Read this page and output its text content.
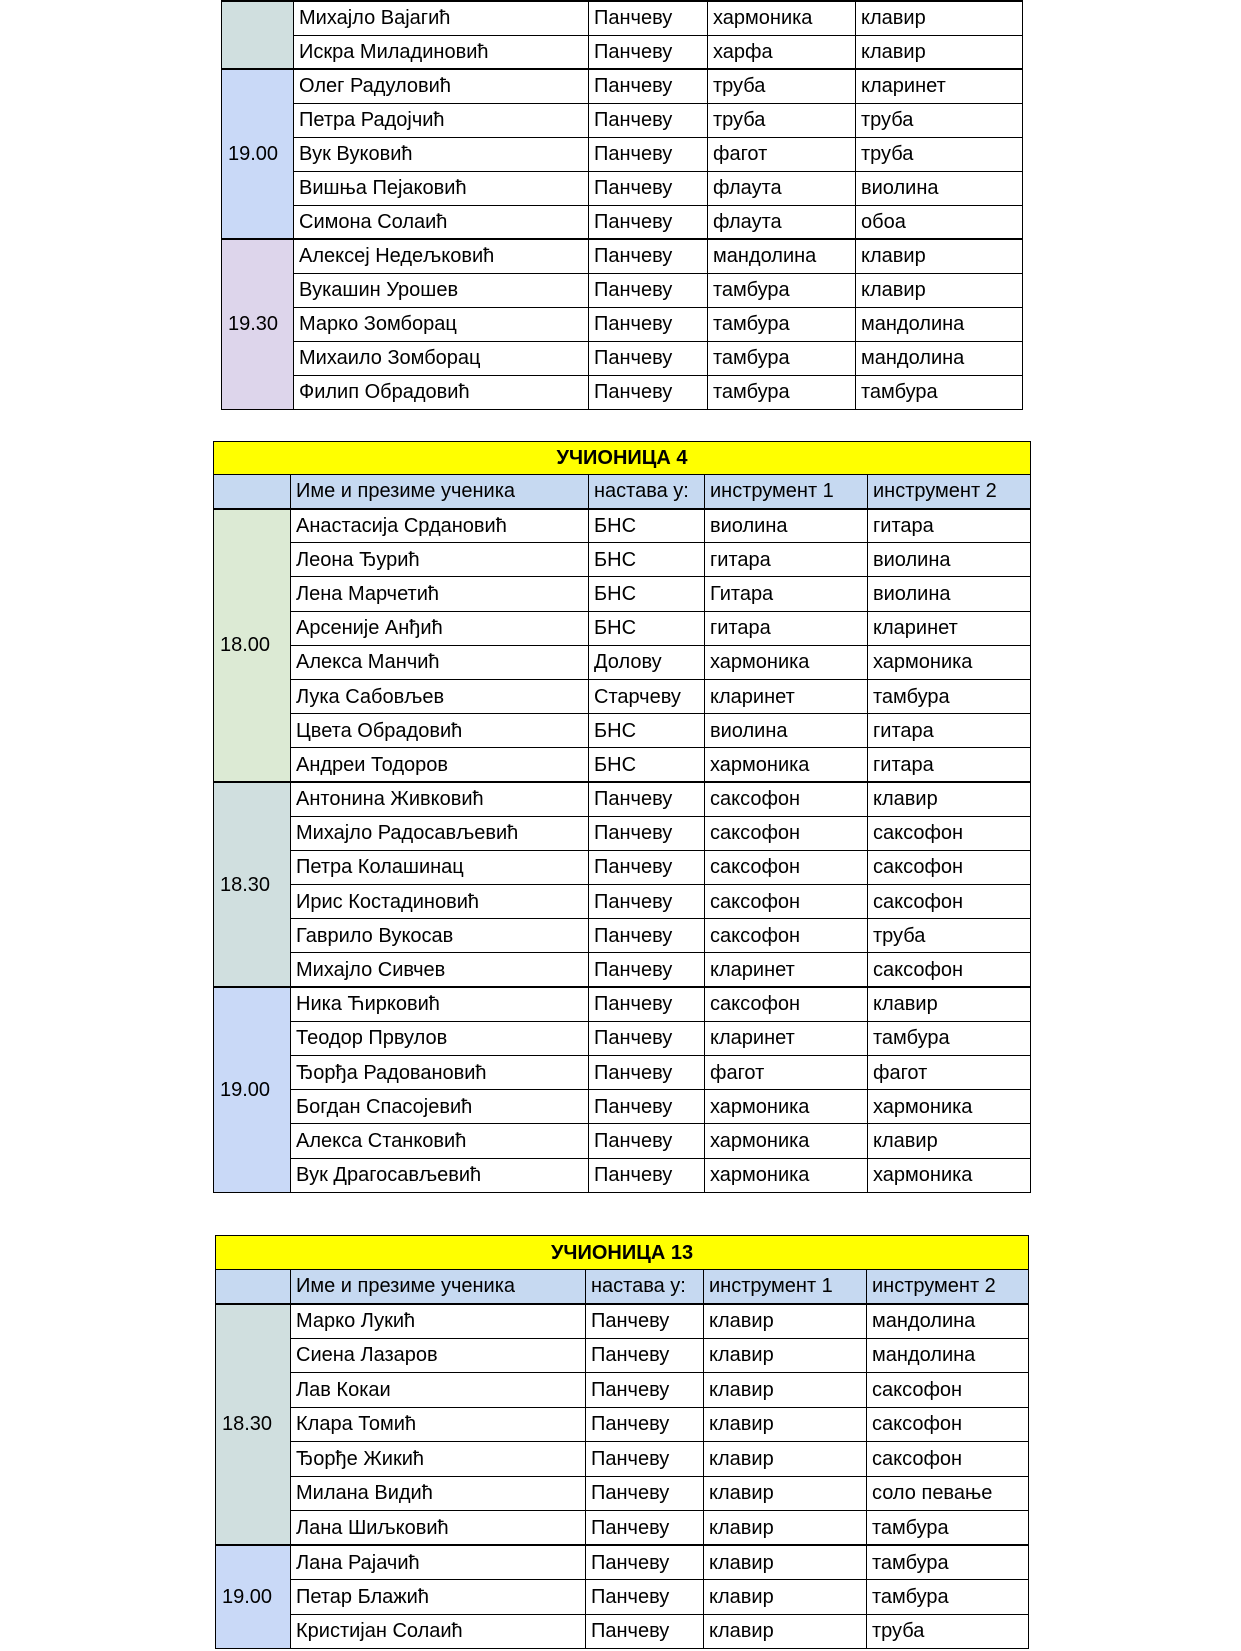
	Михајло Вајагић	Панчеву	хармоника	клавир
	Искра Миладиновић	Панчеву	харфа	клавир
19.00	Олег Радуловић	Панчеву	труба	кларинет
	Петра Радојчић	Панчеву	труба	труба
	Вук Вуковић	Панчеву	фагот	труба
	Вишња Пејаковић	Панчеву	флаута	виолина
	Симона Солаић	Панчеву	флаута	обоа
19.30	Алексеј Недељковић	Панчеву	мандолина	клавир
	Вукашин Урошев	Панчеву	тамбура	клавир
	Марко Зомборац	Панчеву	тамбура	мандолина
	Михаило Зомборац	Панчеву	тамбура	мандолина
	Филип Обрадовић	Панчеву	тамбура	тамбура
УЧИОНИЦА 4				
	Име и презиме ученика	настава у:	инструмент 1	инструмент 2
18.00	Анастасија Срдановић	БНС	виолина	гитара
	Леона Ђурић	БНС	гитара	виолина
	Лена Марчетић	БНС	Гитара	виолина
	Арсеније Анђић	БНС	гитара	кларинет
	Алекса Манчић	Долову	хармоника	хармоника
	Лука Сабовљев	Старчеву	кларинет	тамбура
	Цвета Обрадовић	БНС	виолина	гитара
	Андреи Тодоров	БНС	хармоника	гитара
18.30	Антонина Живковић	Панчеву	саксофон	клавир
	Михајло Радосављевић	Панчеву	саксофон	саксофон
	Петра Колашинац	Панчеву	саксофон	саксофон
	Ирис Костадиновић	Панчеву	саксофон	саксофон
	Гаврило Вукосав	Панчеву	саксофон	труба
	Михајло Сивчев	Панчеву	кларинет	саксофон
19.00	Ника Ћирковић	Панчеву	саксофон	клавир
	Теодор Првулов	Панчеву	кларинет	тамбура
	Ђорђа Радовановић	Панчеву	фагот	фагот
	Богдан Спасојевић	Панчеву	хармоника	хармоника
	Алекса Станковић	Панчеву	хармоника	клавир
	Вук Драгосављевић	Панчеву	хармоника	хармоника
УЧИОНИЦА 13				
	Име и презиме ученика	настава у:	инструмент 1	инструмент 2
18.30	Марко Лукић	Панчеву	клавир	мандолина
	Сиена Лазаров	Панчеву	клавир	мандолина
	Лав Кокаи	Панчеву	клавир	саксофон
	Клара Томић	Панчеву	клавир	саксофон
	Ђорђе Жикић	Панчеву	клавир	саксофон
	Милана Видић	Панчеву	клавир	соло певање
	Лана Шиљковић	Панчеву	клавир	тамбура
19.00	Лана Рајачић	Панчеву	клавир	тамбура
	Петар Блажић	Панчеву	клавир	тамбура
	Кристијан Солаић	Панчеву	клавир	труба
